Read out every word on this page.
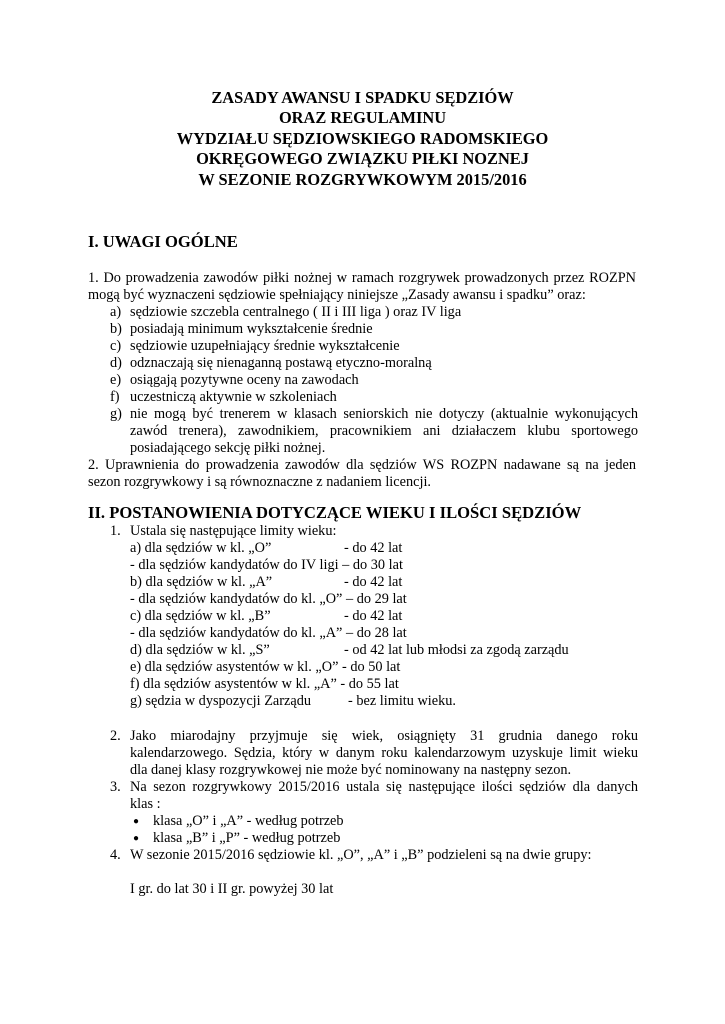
ZASADY AWANSU I SPADKU SĘDZIÓW
ORAZ REGULAMINU
WYDZIAŁU SĘDZIOWSKIEGO RADOMSKIEGO
OKRĘGOWEGO ZWIĄZKU PIŁKI NOZNEJ
W SEZONIE ROZGRYWKOWYM 2015/2016
I. UWAGI OGÓLNE
1. Do prowadzenia zawodów piłki nożnej w ramach rozgrywek prowadzonych przez ROZPN
mogą być wyznaczeni sędziowie spełniający niniejsze „Zasady awansu i spadku” oraz:
a) sędziowie szczebla centralnego ( II i III liga ) oraz IV liga
b) posiadają minimum wykształcenie średnie
c) sędziowie uzupełniający średnie wykształcenie
d) odznaczają się nienaganną postawą etyczno-moralną
e) osiągają pozytywne oceny na zawodach
f) uczestniczą aktywnie w szkoleniach
g) nie mogą być trenerem w klasach seniorskich nie dotyczy (aktualnie wykonujących
zawód trenera), zawodnikiem, pracownikiem ani działaczem klubu sportowego
posiadającego sekcję piłki nożnej.
2. Uprawnienia do prowadzenia zawodów dla sędziów WS ROZPN nadawane są na jeden
sezon rozgrywkowy i są równoznaczne z nadaniem licencji.
II. POSTANOWIENIA DOTYCZĄCE WIEKU I ILOŚCI SĘDZIÓW
1. Ustala się następujące limity wieku:
a) dla sędziów w kl. „O”	- do 42 lat
- dla sędziów kandydatów do IV ligi – do 30 lat
b) dla sędziów w kl. „A”	- do 42 lat
- dla sędziów kandydatów do kl. „O” – do 29 lat
c) dla sędziów w kl. „B”	- do 42 lat
- dla sędziów kandydatów do kl. „A” – do 28 lat
d) dla sędziów w kl. „S”	- od 42 lat lub młodsi za zgodą zarządu
e) dla sędziów asystentów w kl. „O” - do 50 lat
f) dla sędziów asystentów w kl. „A” - do 55 lat
g) sędzia w dyspozycji Zarządu	- bez limitu wieku.
2. Jako miarodajny przyjmuje się wiek, osiągnięty 31 grudnia danego roku
kalendarzowego. Sędzia, który w danym roku kalendarzowym uzyskuje limit wieku
dla danej klasy rozgrywkowej nie może być nominowany na następny sezon.
3. Na sezon rozgrywkowy 2015/2016 ustala się następujące ilości sędziów dla danych
klas :
● klasa „O” i „A” - według potrzeb
● klasa „B” i „P” - według potrzeb
4. W sezonie 2015/2016 sędziowie kl. „O”, „A” i „B” podzieleni są na dwie grupy:
I gr. do lat 30 i II gr. powyżej 30 lat
